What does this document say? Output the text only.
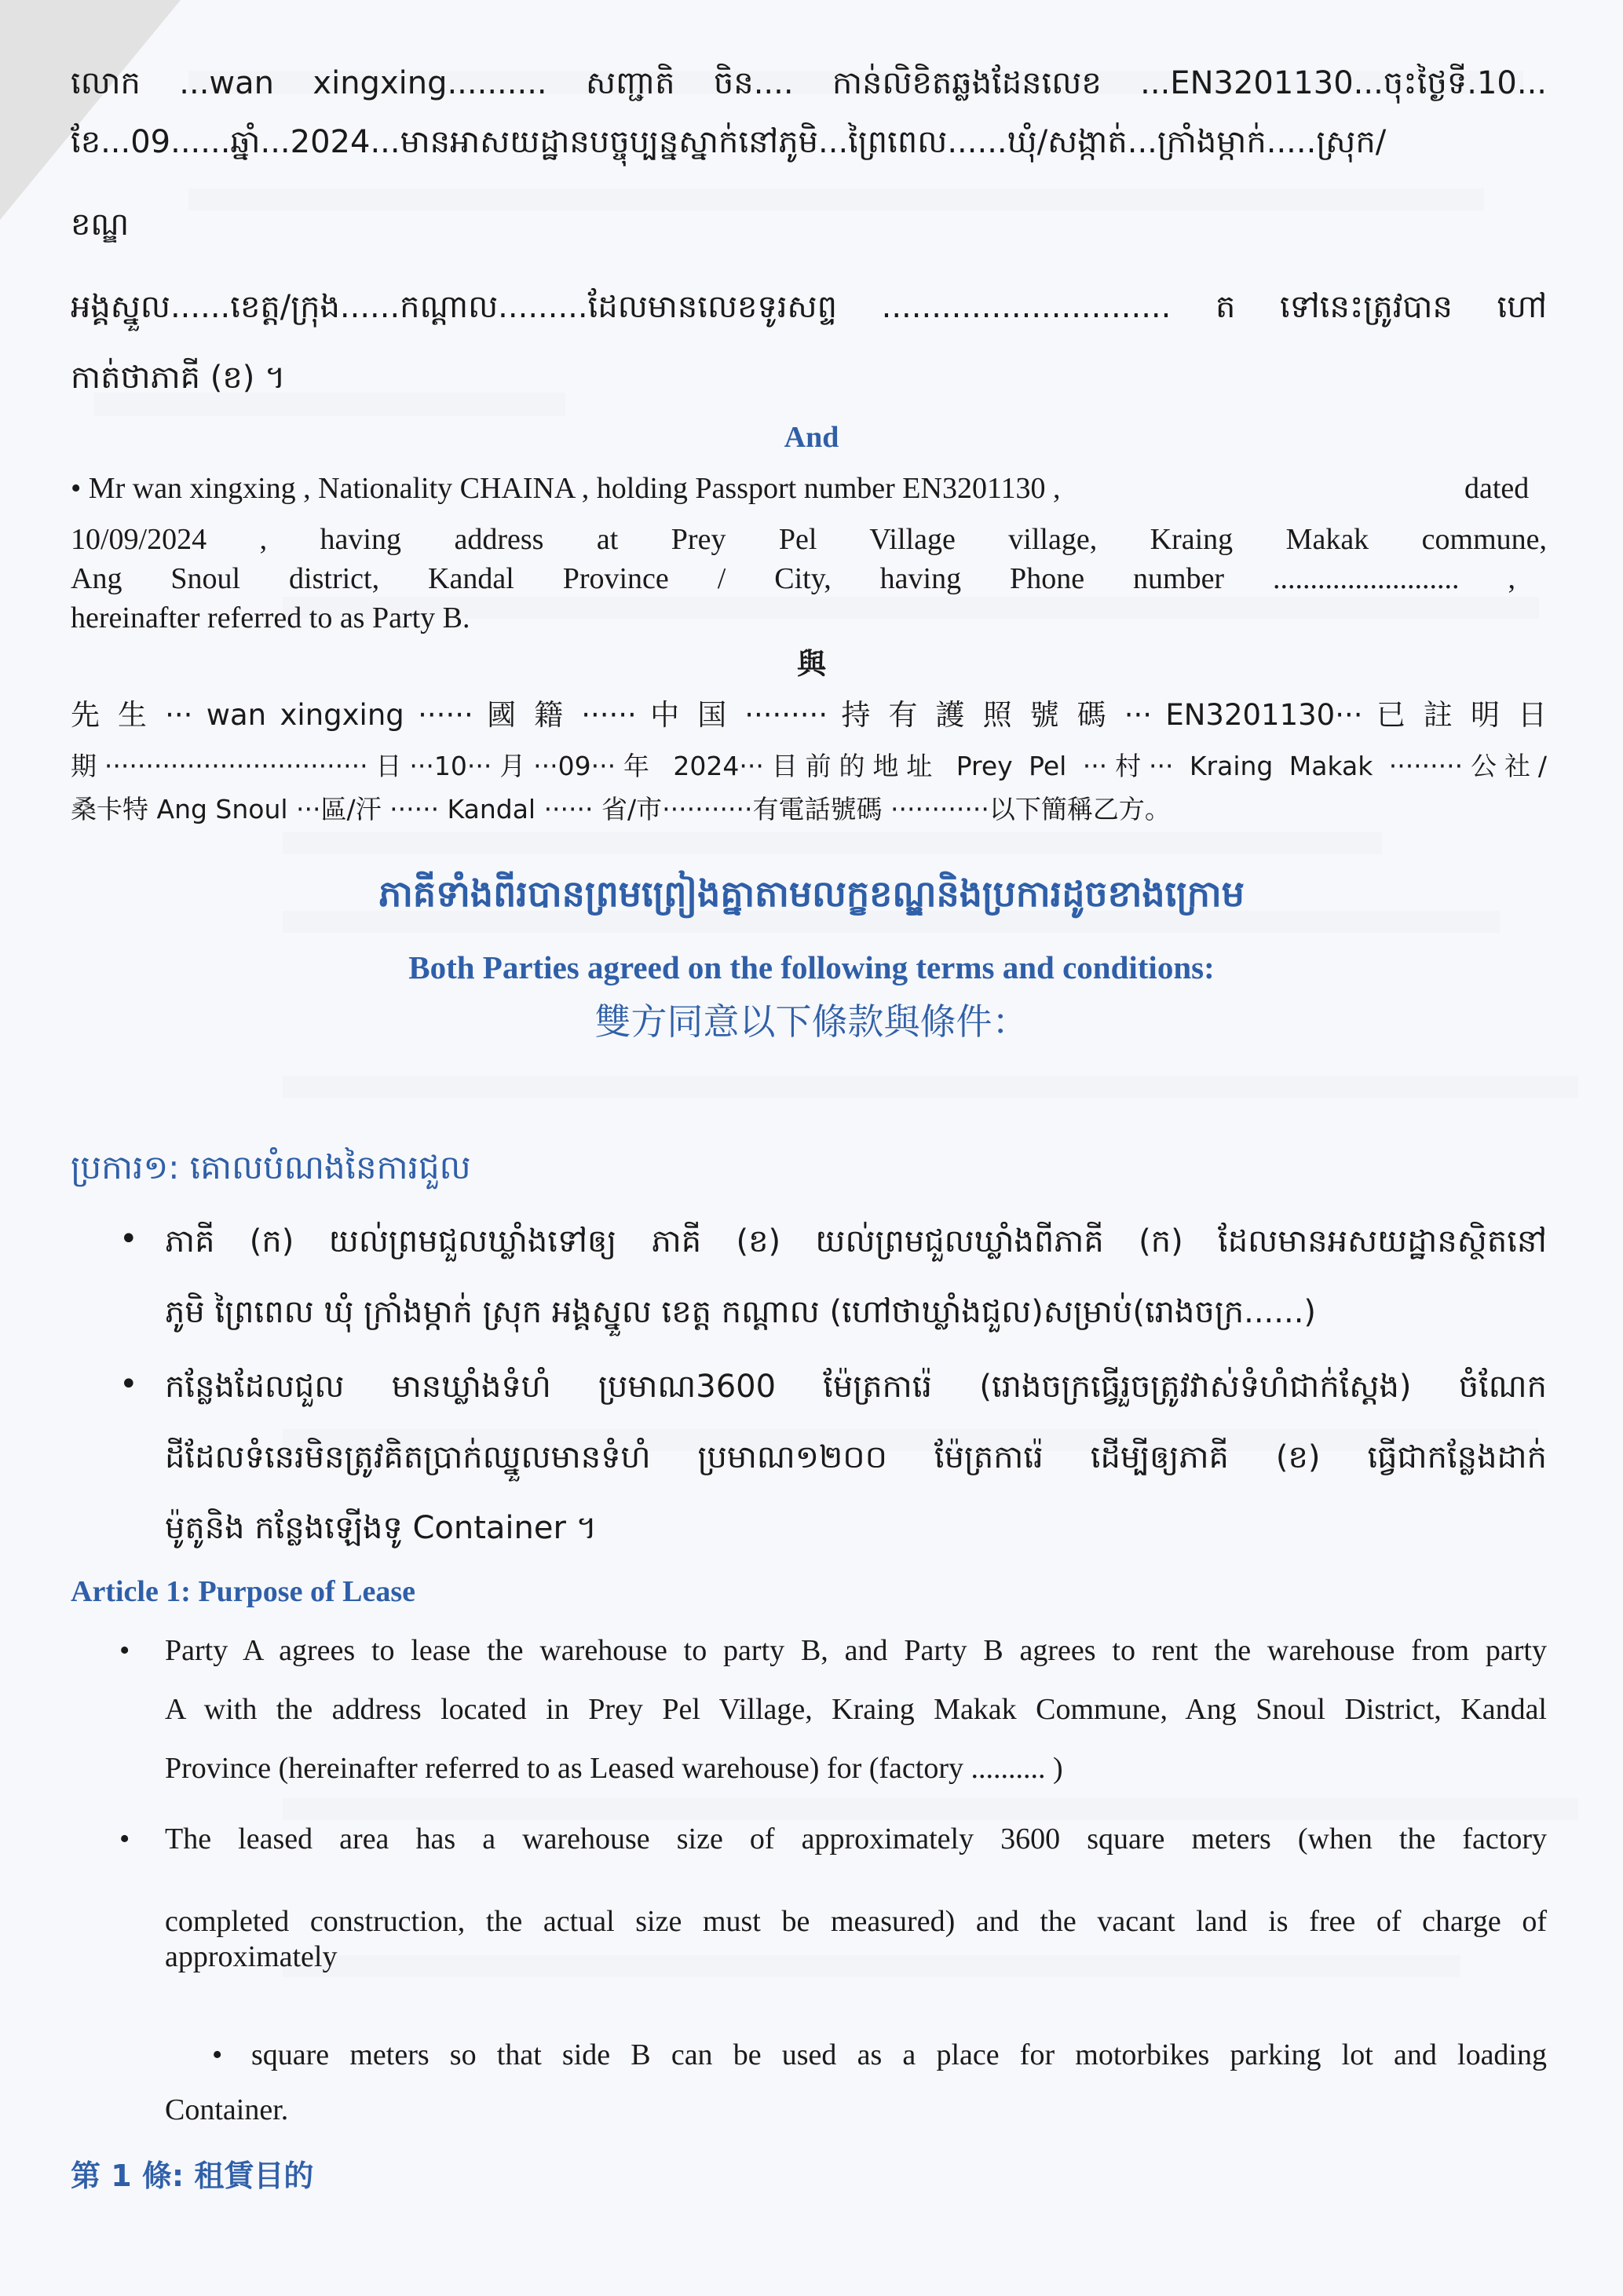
លោក ...wan xingxing.......... សញ្ជាតិ ចិន.... កាន់លិខិតឆ្លងដែនលេខ ...EN3201130...ចុះថ្ងៃទី.10...
ខែ...09......ឆ្នាំ...2024...មានអាសយដ្ឋានបច្ចុប្បន្នស្នាក់នៅភូមិ...ព្រៃពេល......ឃុំ/សង្កាត់...ក្រាំងម្កាក់.....ស្រុក/
ខណ្ឌ
អង្គស្នួល......ខេត្ត/ក្រុង......កណ្ដាល.........ដែលមានលេខទូរសព្ទ ............................. ត ទៅនេះត្រូវបាន ហៅ
កាត់ថាភាគី (ខ) ។
And
• Mr wan xingxing , Nationality CHAINA , holding Passport number EN3201130 ,	dated
10/09/2024 , having address at Prey Pel Village village, Kraing Makak commune,
Ang Snoul district, Kandal Province / City, having Phone number ......................... ,
hereinafter referred to as Party B.
與
先 生 ··· wan xingxing ······ 國 籍 ······ 中 国 ········· 持 有 護 照 號 碼 ··· EN3201130··· 已 註 明 日
期································日···10···月···09···年 2024···目前的地址 Prey Pel ···村··· Kraing Makak ·········公社/
桑卡特 Ang Snoul ···區/汗 ······ Kandal ······ 省/市···········有電話號碼 ············以下簡稱乙方。
ភាគីទាំងពីរបានព្រមព្រៀងគ្នាតាមលក្ខខណ្ឌនិងប្រការដូចខាងក្រោម
Both Parties agreed on the following terms and conditions:
雙方同意以下條款與條件：
ប្រការ១: គោលបំណងនៃការជួល
• ភាគី (ក) យល់ព្រមជួលឃ្លាំងទៅឲ្យ ភាគី (ខ) យល់ព្រមជួលឃ្លាំងពីភាគី (ក) ដែលមានអសយដ្ឋានស្ថិតនៅ
ភូមិ ព្រៃពេល ឃុំ ក្រាំងម្កាក់ ស្រុក អង្គស្នួល ខេត្ត កណ្ដាល (ហៅថាឃ្លាំងជួល)សម្រាប់(រោងចក្រ......)
• កន្លែងដែលជួល មានឃ្លាំងទំហំ ប្រមាណ3600 ម៉ែត្រការ៉េ (រោងចក្រធ្វើរួចត្រូវវាស់ទំហំជាក់ស្ដែង) ចំណែក
ដីដែលទំនេរមិនត្រូវគិតប្រាក់ឈ្នួលមានទំហំ ប្រមាណ១២០០ ម៉ែត្រការ៉េ ដើម្បីឲ្យភាគី (ខ) ធ្វើជាកន្លែងដាក់
ម៉ូតូនិង កន្លែងឡើងទូ Container ។
Article 1: Purpose of Lease
• Party A agrees to lease the warehouse to party B, and Party B agrees to rent the warehouse from party
A with the address located in Prey Pel Village, Kraing Makak Commune, Ang Snoul District, Kandal
Province (hereinafter referred to as Leased warehouse) for (factory .......... )
• The leased area has a warehouse size of approximately 3600 square meters (when the factory
completed construction, the actual size must be measured) and the vacant land is free of charge of
approximately
square meters so that side B can be used as a place for motorbikes parking lot and loading
•
Container.
第 1 條: 租賃目的
